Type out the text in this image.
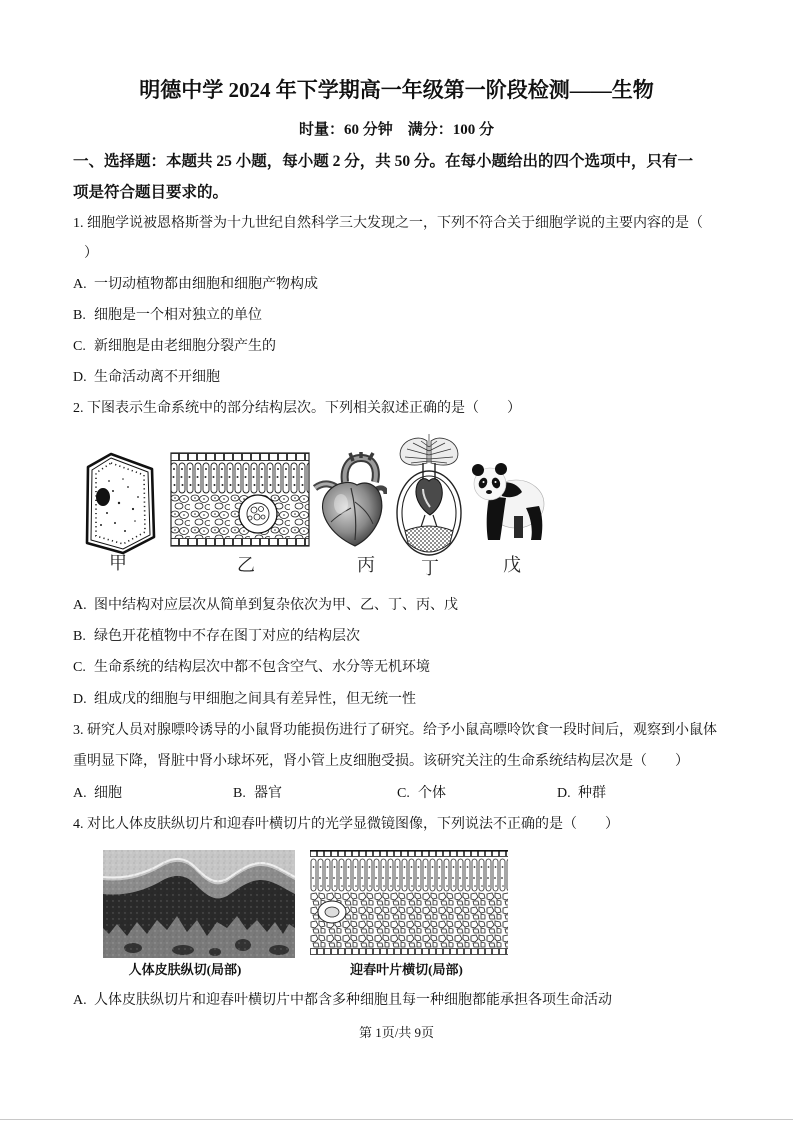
明德中学 2024 年下学期高一年级第一阶段检测——生物
时量：60 分钟　满分：100 分
一、选择题：本题共 25 小题，每小题 2 分，共 50 分。在每小题给出的四个选项中，只有一
项是符合题目要求的。
1. 细胞学说被恩格斯誉为十九世纪自然科学三大发现之一，下列不符合关于细胞学说的主要内容的是（
）
A. 一切动植物都由细胞和细胞产物构成
B. 细胞是一个相对独立的单位
C. 新细胞是由老细胞分裂产生的
D. 生命活动离不开细胞
2. 下图表示生命系统中的部分结构层次。下列相关叙述正确的是（　　）
甲	乙	丙	丁	戊
A. 图中结构对应层次从简单到复杂依次为甲、乙、丁、丙、戊
B. 绿色开花植物中不存在图丁对应的结构层次
C. 生命系统的结构层次中都不包含空气、水分等无机环境
D. 组成戊的细胞与甲细胞之间具有差异性，但无统一性
3. 研究人员对腺嘌呤诱导的小鼠肾功能损伤进行了研究。给予小鼠高嘌呤饮食一段时间后，观察到小鼠体
重明显下降，肾脏中肾小球坏死，肾小管上皮细胞受损。该研究关注的生命系统结构层次是（　　）
A. 细胞	B. 器官	C. 个体	D. 种群
4. 对比人体皮肤纵切片和迎春叶横切片的光学显微镜图像，下列说法不正确的是（　　）
人体皮肤纵切(局部)	迎春叶片横切(局部)
A. 人体皮肤纵切片和迎春叶横切片中都含多种细胞且每一种细胞都能承担各项生命活动
第 1页/共 9页
